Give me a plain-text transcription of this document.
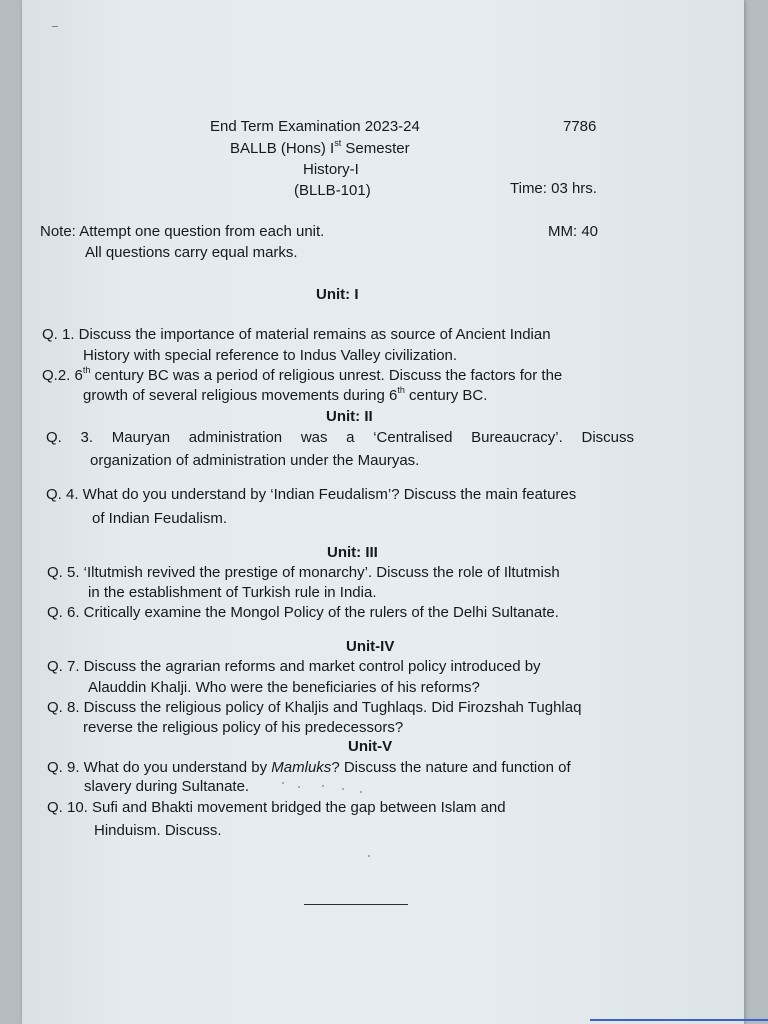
End Term Examination 2023-24	7786
BALLB (Hons) Ist Semester
History-I
(BLLB-101)	Time: 03 hrs.
Note: Attempt one question from each unit.	MM: 40
All questions carry equal marks.
Unit: I
Q. 1. Discuss the importance of material remains as source of Ancient Indian
History with special reference to Indus Valley civilization.
Q.2. 6th century BC was a period of religious unrest. Discuss the factors for the
growth of several religious movements during 6th century BC.
Unit: II
Q. 3. Mauryan administration was a ‘Centralised Bureaucracy’. Discuss
organization of administration under the Mauryas.
Q. 4. What do you understand by ‘Indian Feudalism’? Discuss the main features
of Indian Feudalism.
Unit: III
Q. 5. ‘Iltutmish revived the prestige of monarchy’. Discuss the role of Iltutmish
in the establishment of Turkish rule in India.
Q. 6. Critically examine the Mongol Policy of the rulers of the Delhi Sultanate.
Unit-IV
Q. 7. Discuss the agrarian reforms and market control policy introduced by
Alauddin Khalji. Who were the beneficiaries of his reforms?
Q. 8. Discuss the religious policy of Khaljis and Tughlaqs. Did Firozshah Tughlaq
reverse the religious policy of his predecessors?
Unit-V
Q. 9. What do you understand by Mamluks? Discuss the nature and function of
slavery during Sultanate.
Q. 10. Sufi and Bhakti movement bridged the gap between Islam and
Hinduism. Discuss.
